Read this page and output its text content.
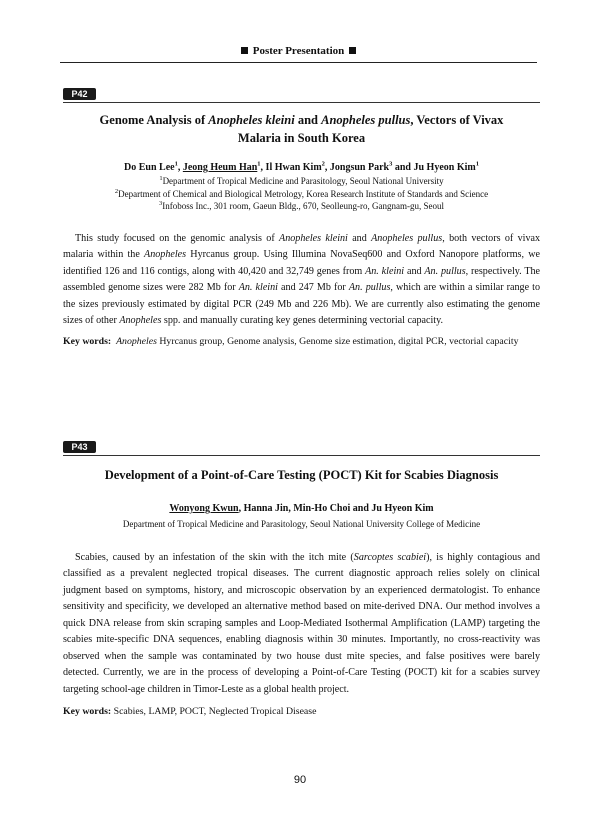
Poster Presentation
P42
Genome Analysis of Anopheles kleini and Anopheles pullus, Vectors of Vivax
Malaria in South Korea
Do Eun Lee$^1$, Jeong Heum Han$^1$, Il Hwan Kim$^2$, Jongsun Park$^3$ and Ju Hyeon Kim$^1$
$^1$Department of Tropical Medicine and Parasitology, Seoul National University
$^2$Department of Chemical and Biological Metrology, Korea Research Institute of Standards and Science
$^3$Infoboss Inc., 301 room, Gaeun Bldg., 670, Seolleung-ro, Gangnam-gu, Seoul
This study focused on the genomic analysis of Anopheles kleini and Anopheles pullus, both vectors of vivax malaria within the Anopheles Hyrcanus group. Using Illumina NovaSeq600 and Oxford Nanopore platforms, we identified 126 and 116 contigs, along with 40,420 and 32,749 genes from An. kleini and An. pullus, respectively. The assembled genome sizes were 282 Mb for An. kleini and 247 Mb for An. pullus, which are within a similar range to the sizes previously estimated by digital PCR (249 Mb and 226 Mb). We are currently also estimating the genome sizes of other Anopheles spp. and manually curating key genes determining vectorial capacity.
Key words: Anopheles Hyrcanus group, Genome analysis, Genome size estimation, digital PCR, vectorial capacity
P43
Development of a Point-of-Care Testing (POCT) Kit for Scabies Diagnosis
Wonyong Kwun, Hanna Jin, Min-Ho Choi and Ju Hyeon Kim
Department of Tropical Medicine and Parasitology, Seoul National University College of Medicine
Scabies, caused by an infestation of the skin with the itch mite (Sarcoptes scabiei), is highly contagious and classified as a prevalent neglected tropical diseases. The current diagnostic approach relies solely on clinical judgment based on symptoms, history, and microscopic observation by an experienced dermatologist. To enhance sensitivity and specificity, we developed an alternative method based on mite-derived DNA. Our method involves a quick DNA release from skin scraping samples and Loop-Mediated Isothermal Amplification (LAMP) targeting the scabies mite-specific DNA sequences, enabling diagnosis within 30 minutes. Importantly, no cross-reactivity was observed when the sample was contaminated by two house dust mite species, and false positives were barely detected. Currently, we are in the process of developing a Point-of-Care Testing (POCT) kit for a scabies survey targeting school-age children in Timor-Leste as a global health project.
Key words: Scabies, LAMP, POCT, Neglected Tropical Disease
90
